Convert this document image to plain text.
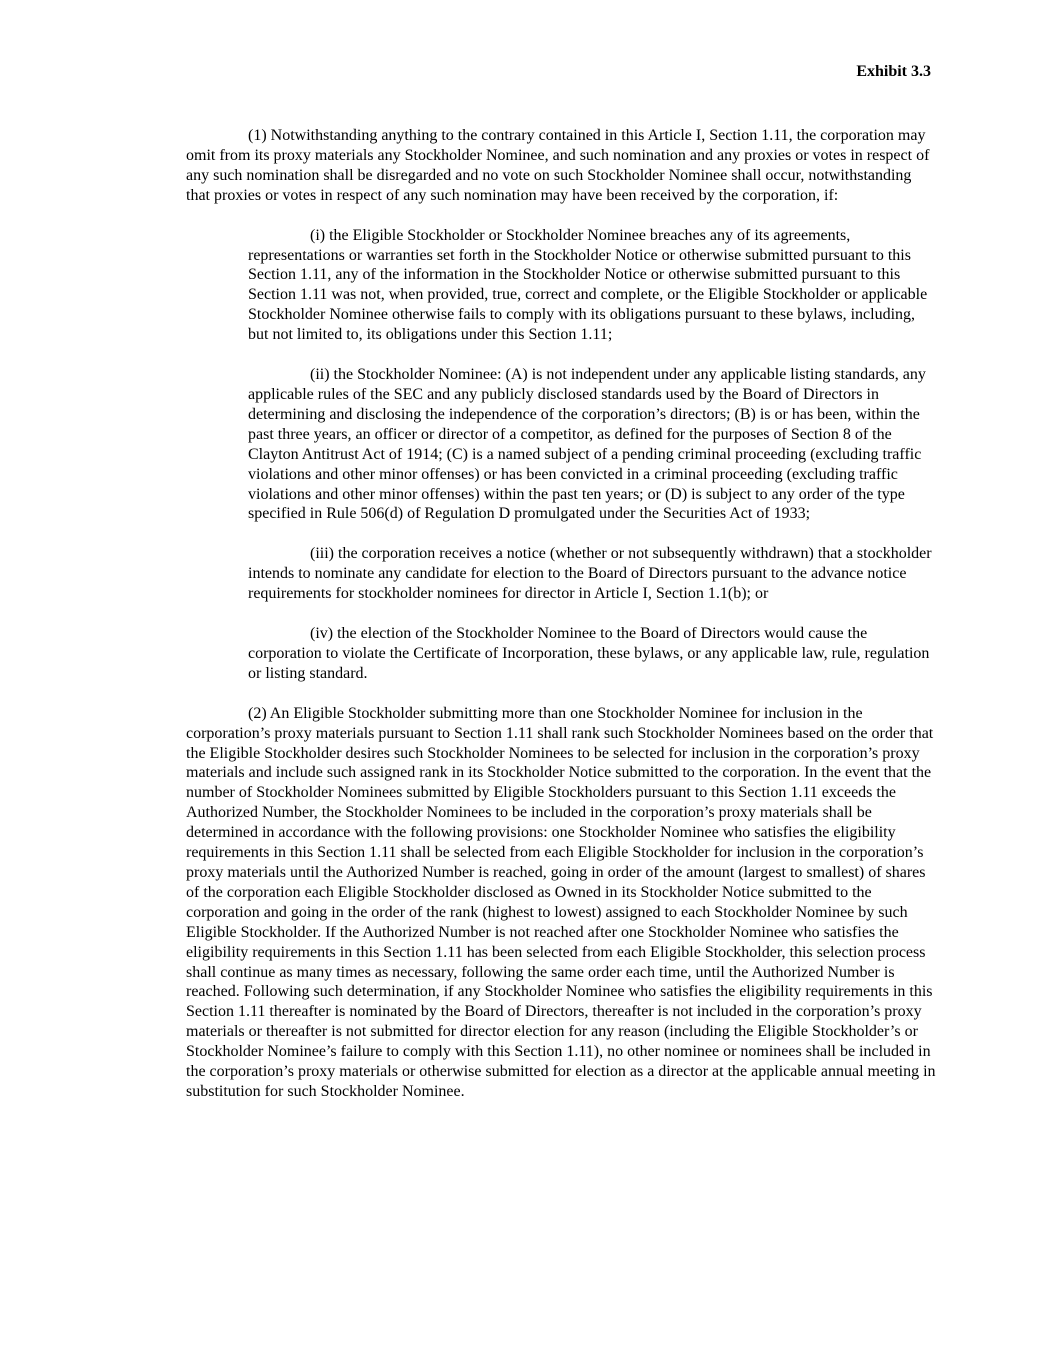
Exhibit 3.3

(1) Notwithstanding anything to the contrary contained in this Article I, Section 1.11, the corporation may omit from its proxy materials any Stockholder Nominee, and such nomination and any proxies or votes in respect of any such nomination shall be disregarded and no vote on such Stockholder Nominee shall occur, notwithstanding that proxies or votes in respect of any such nomination may have been received by the corporation, if:

(i) the Eligible Stockholder or Stockholder Nominee breaches any of its agreements, representations or warranties set forth in the Stockholder Notice or otherwise submitted pursuant to this Section 1.11, any of the information in the Stockholder Notice or otherwise submitted pursuant to this Section 1.11 was not, when provided, true, correct and complete, or the Eligible Stockholder or applicable Stockholder Nominee otherwise fails to comply with its obligations pursuant to these bylaws, including, but not limited to, its obligations under this Section 1.11;

(ii) the Stockholder Nominee: (A) is not independent under any applicable listing standards, any applicable rules of the SEC and any publicly disclosed standards used by the Board of Directors in determining and disclosing the independence of the corporation’s directors; (B) is or has been, within the past three years, an officer or director of a competitor, as defined for the purposes of Section 8 of the Clayton Antitrust Act of 1914; (C) is a named subject of a pending criminal proceeding (excluding traffic violations and other minor offenses) or has been convicted in a criminal proceeding (excluding traffic violations and other minor offenses) within the past ten years; or (D) is subject to any order of the type specified in Rule 506(d) of Regulation D promulgated under the Securities Act of 1933;

(iii) the corporation receives a notice (whether or not subsequently withdrawn) that a stockholder intends to nominate any candidate for election to the Board of Directors pursuant to the advance notice requirements for stockholder nominees for director in Article I, Section 1.1(b); or

(iv) the election of the Stockholder Nominee to the Board of Directors would cause the corporation to violate the Certificate of Incorporation, these bylaws, or any applicable law, rule, regulation or listing standard.

(2) An Eligible Stockholder submitting more than one Stockholder Nominee for inclusion in the corporation’s proxy materials pursuant to Section 1.11 shall rank such Stockholder Nominees based on the order that the Eligible Stockholder desires such Stockholder Nominees to be selected for inclusion in the corporation’s proxy materials and include such assigned rank in its Stockholder Notice submitted to the corporation. In the event that the number of Stockholder Nominees submitted by Eligible Stockholders pursuant to this Section 1.11 exceeds the Authorized Number, the Stockholder Nominees to be included in the corporation’s proxy materials shall be determined in accordance with the following provisions: one Stockholder Nominee who satisfies the eligibility requirements in this Section 1.11 shall be selected from each Eligible Stockholder for inclusion in the corporation’s proxy materials until the Authorized Number is reached, going in order of the amount (largest to smallest) of shares of the corporation each Eligible Stockholder disclosed as Owned in its Stockholder Notice submitted to the corporation and going in the order of the rank (highest to lowest) assigned to each Stockholder Nominee by such Eligible Stockholder. If the Authorized Number is not reached after one Stockholder Nominee who satisfies the eligibility requirements in this Section 1.11 has been selected from each Eligible Stockholder, this selection process shall continue as many times as necessary, following the same order each time, until the Authorized Number is reached. Following such determination, if any Stockholder Nominee who satisfies the eligibility requirements in this Section 1.11 thereafter is nominated by the Board of Directors, thereafter is not included in the corporation’s proxy materials or thereafter is not submitted for director election for any reason (including the Eligible Stockholder’s or Stockholder Nominee’s failure to comply with this Section 1.11), no other nominee or nominees shall be included in the corporation’s proxy materials or otherwise submitted for election as a director at the applicable annual meeting in substitution for such Stockholder Nominee.
